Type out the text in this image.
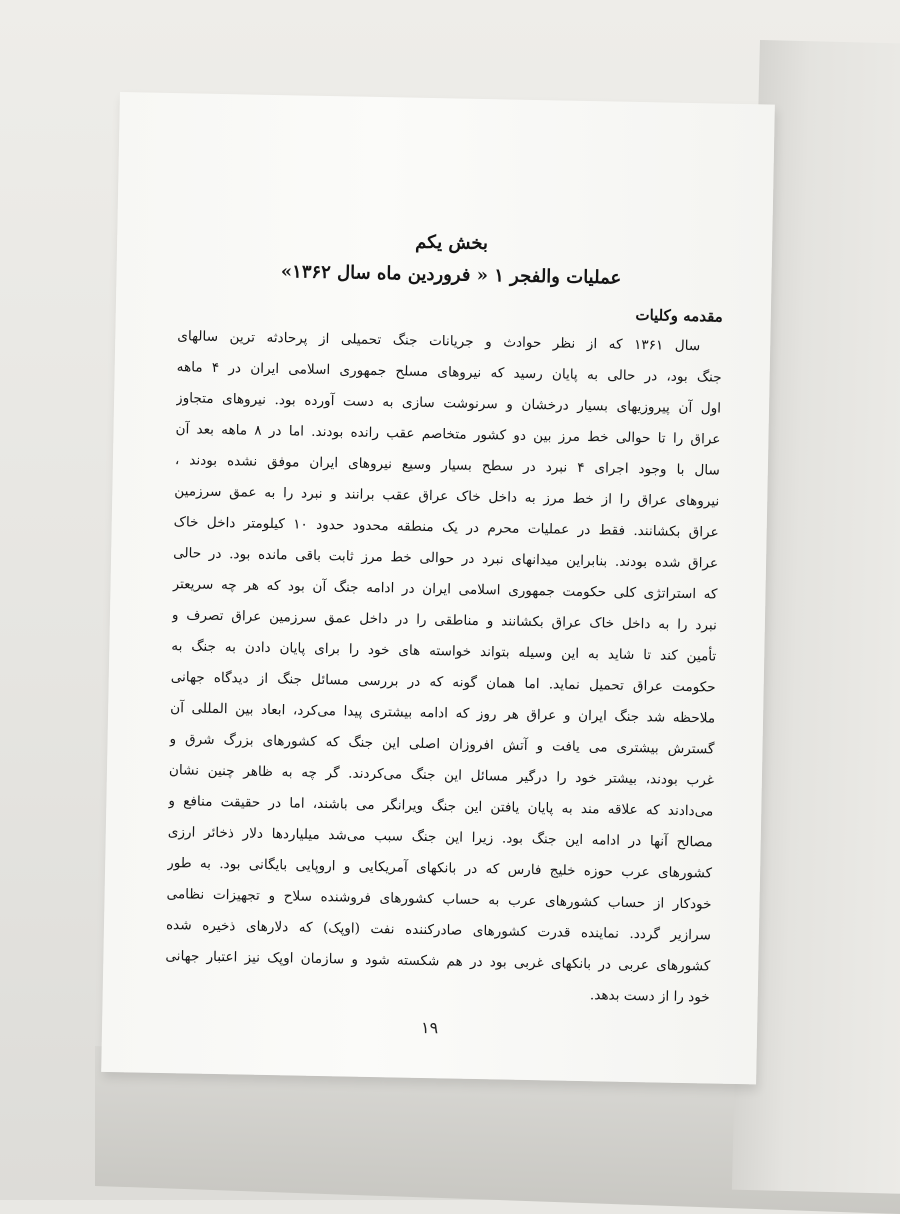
بخش یکم

عملیات والفجر ۱ « فروردین ماه سال ۱۳۶۲»

مقدمه وکلیات

سال ۱۳۶۱ که از نظر حوادث و جریانات جنگ تحمیلی از پرحادثه ترین سالهای
جنگ بود، در حالی به پایان رسید که نیروهای مسلح جمهوری اسلامی ایران در ۴ ماهه
اول آن پیروزیهای بسیار درخشان و سرنوشت سازی به دست آورده بود. نیروهای متجاوز
عراق را تا حوالی خط مرز بین دو کشور متخاصم عقب رانده بودند. اما در ۸ ماهه بعد آن
سال با وجود اجرای ۴ نبرد در سطح بسیار وسیع نیروهای ایران موفق نشده بودند ،
نیروهای عراق را از خط مرز به داخل خاک عراق عقب برانند و نبرد را به عمق سرزمین
عراق بکشانند. فقط در عملیات محرم در یک منطقه محدود حدود ۱۰ کیلومتر داخل خاک
عراق شده بودند. بنابراین میدانهای نبرد در حوالی خط مرز ثابت باقی مانده بود. در حالی
که استراتژی کلی حکومت جمهوری اسلامی ایران در ادامه جنگ آن بود که هر چه سریعتر
نبرد را به داخل خاک عراق بکشانند و مناطقی را در داخل عمق سرزمین عراق تصرف و
تأمین کند تا شاید به این وسیله بتواند خواسته های خود را برای پایان دادن به جنگ به
حکومت عراق تحمیل نماید. اما همان گونه که در بررسی مسائل جنگ از دیدگاه جهانی
ملاحظه شد جنگ ایران و عراق هر روز که ادامه بیشتری پیدا می‌کرد، ابعاد بین المللی آن
گسترش بیشتری می یافت و آتش افروزان اصلی این جنگ که کشورهای بزرگ شرق و
غرب بودند، بیشتر خود را درگیر مسائل این جنگ می‌کردند. گر چه به ظاهر چنین نشان
می‌دادند که علاقه مند به پایان یافتن این جنگ ویرانگر می باشند، اما در حقیقت منافع و
مصالح آنها در ادامه این جنگ بود. زیرا این جنگ سبب می‌شد میلیاردها دلار ذخائر ارزی
کشورهای عرب حوزه خلیج فارس که در بانکهای آمریکایی و اروپایی بایگانی بود. به طور
خودکار از حساب کشورهای عرب به حساب کشورهای فروشنده سلاح و تجهیزات نظامی
سرازیر گردد. نماینده قدرت کشورهای صادرکننده نفت (اوپک) که دلارهای ذخیره شده
کشورهای عربی در بانکهای غربی بود در هم شکسته شود و سازمان اوپک نیز اعتبار جهانی
خود را از دست بدهد.
۱۹
